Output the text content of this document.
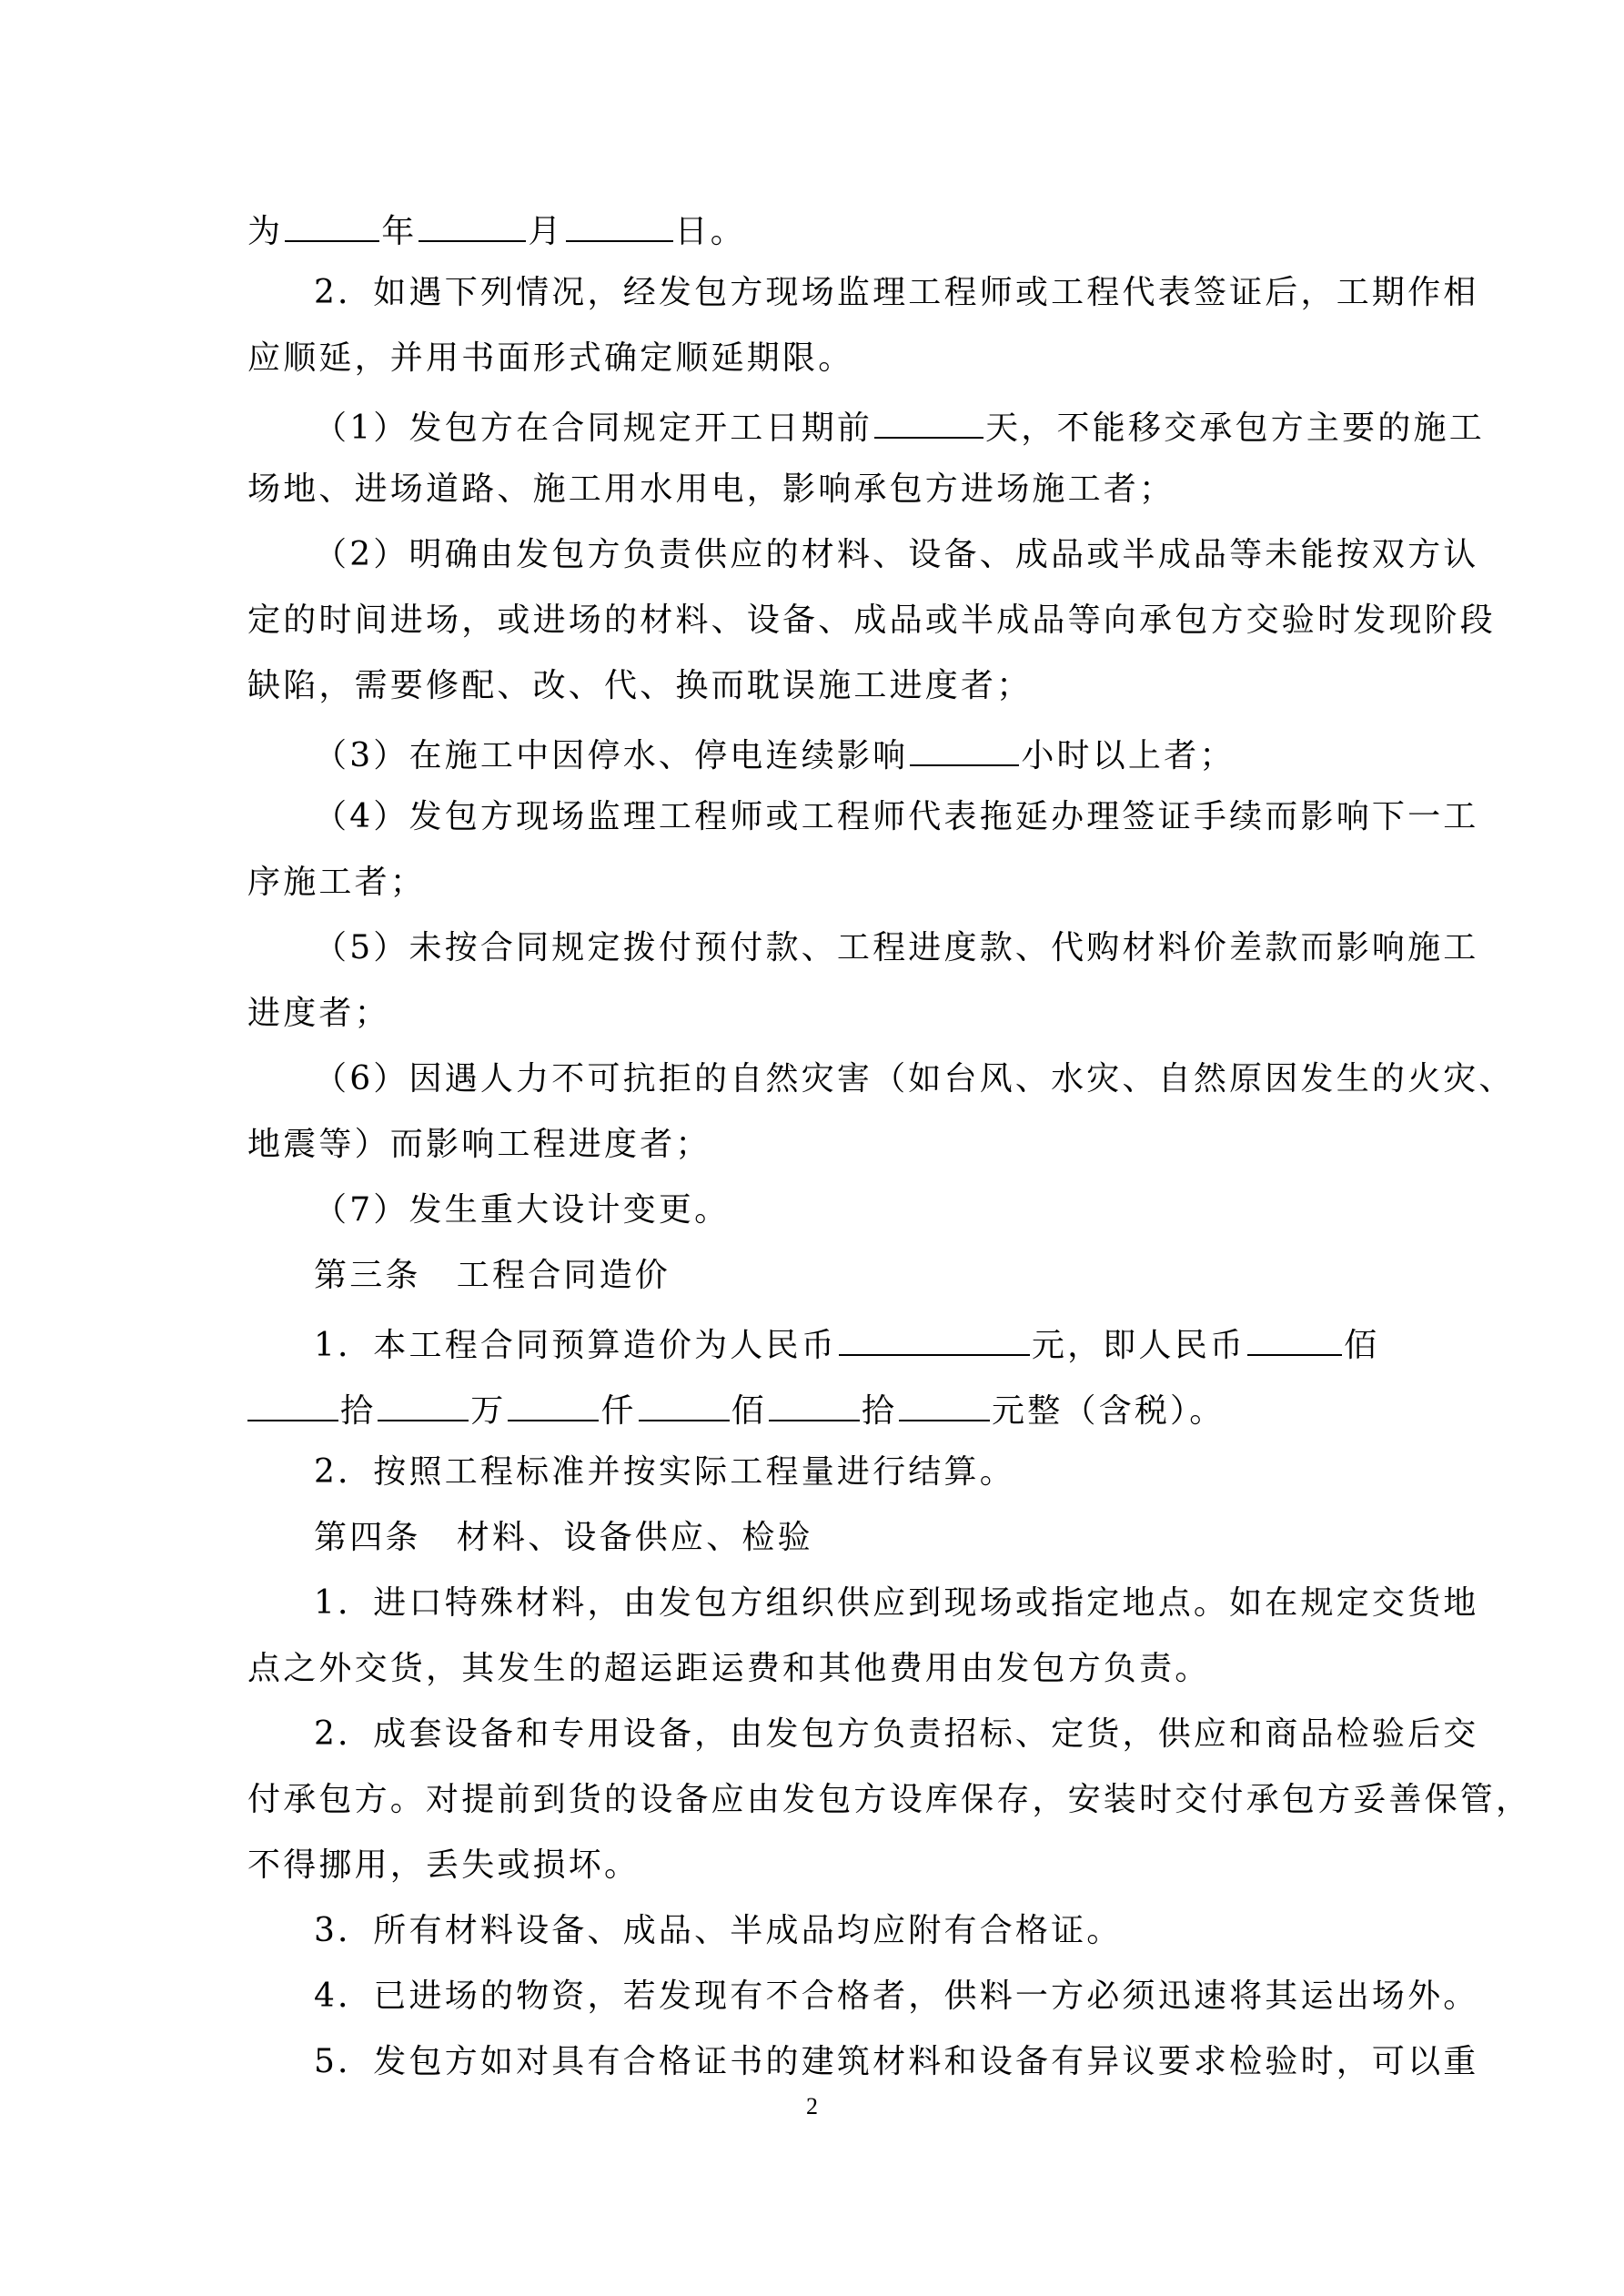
为	年	月	日。
2．如遇下列情况，经发包方现场监理工程师或工程代表签证后，工期作相
应顺延，并用书面形式确定顺延期限。
（1）发包方在合同规定开工日期前	天，不能移交承包方主要的施工
场地、进场道路、施工用水用电，影响承包方进场施工者；
（2）明确由发包方负责供应的材料、设备、成品或半成品等未能按双方认
定的时间进场，或进场的材料、设备、成品或半成品等向承包方交验时发现阶段
缺陷，需要修配、改、代、换而耽误施工进度者；
（3）在施工中因停水、停电连续影响	小时以上者；
（4）发包方现场监理工程师或工程师代表拖延办理签证手续而影响下一工
序施工者；
（5）未按合同规定拨付预付款、工程进度款、代购材料价差款而影响施工
进度者；
（6）因遇人力不可抗拒的自然灾害（如台风、水灾、自然原因发生的火灾、
地震等）而影响工程进度者；
（7）发生重大设计变更。
第三条　工程合同造价
1．本工程合同预算造价为人民币	元，即人民币	佰
拾	万	仟	佰	拾	元整（含税）。
2．按照工程标准并按实际工程量进行结算。
第四条　材料、设备供应、检验
1．进口特殊材料，由发包方组织供应到现场或指定地点。如在规定交货地
点之外交货，其发生的超运距运费和其他费用由发包方负责。
2．成套设备和专用设备，由发包方负责招标、定货，供应和商品检验后交
付承包方。对提前到货的设备应由发包方设库保存，安装时交付承包方妥善保管，
不得挪用，丢失或损坏。
3．所有材料设备、成品、半成品均应附有合格证。
4．已进场的物资，若发现有不合格者，供料一方必须迅速将其运出场外。
5．发包方如对具有合格证书的建筑材料和设备有异议要求检验时，可以重
2
